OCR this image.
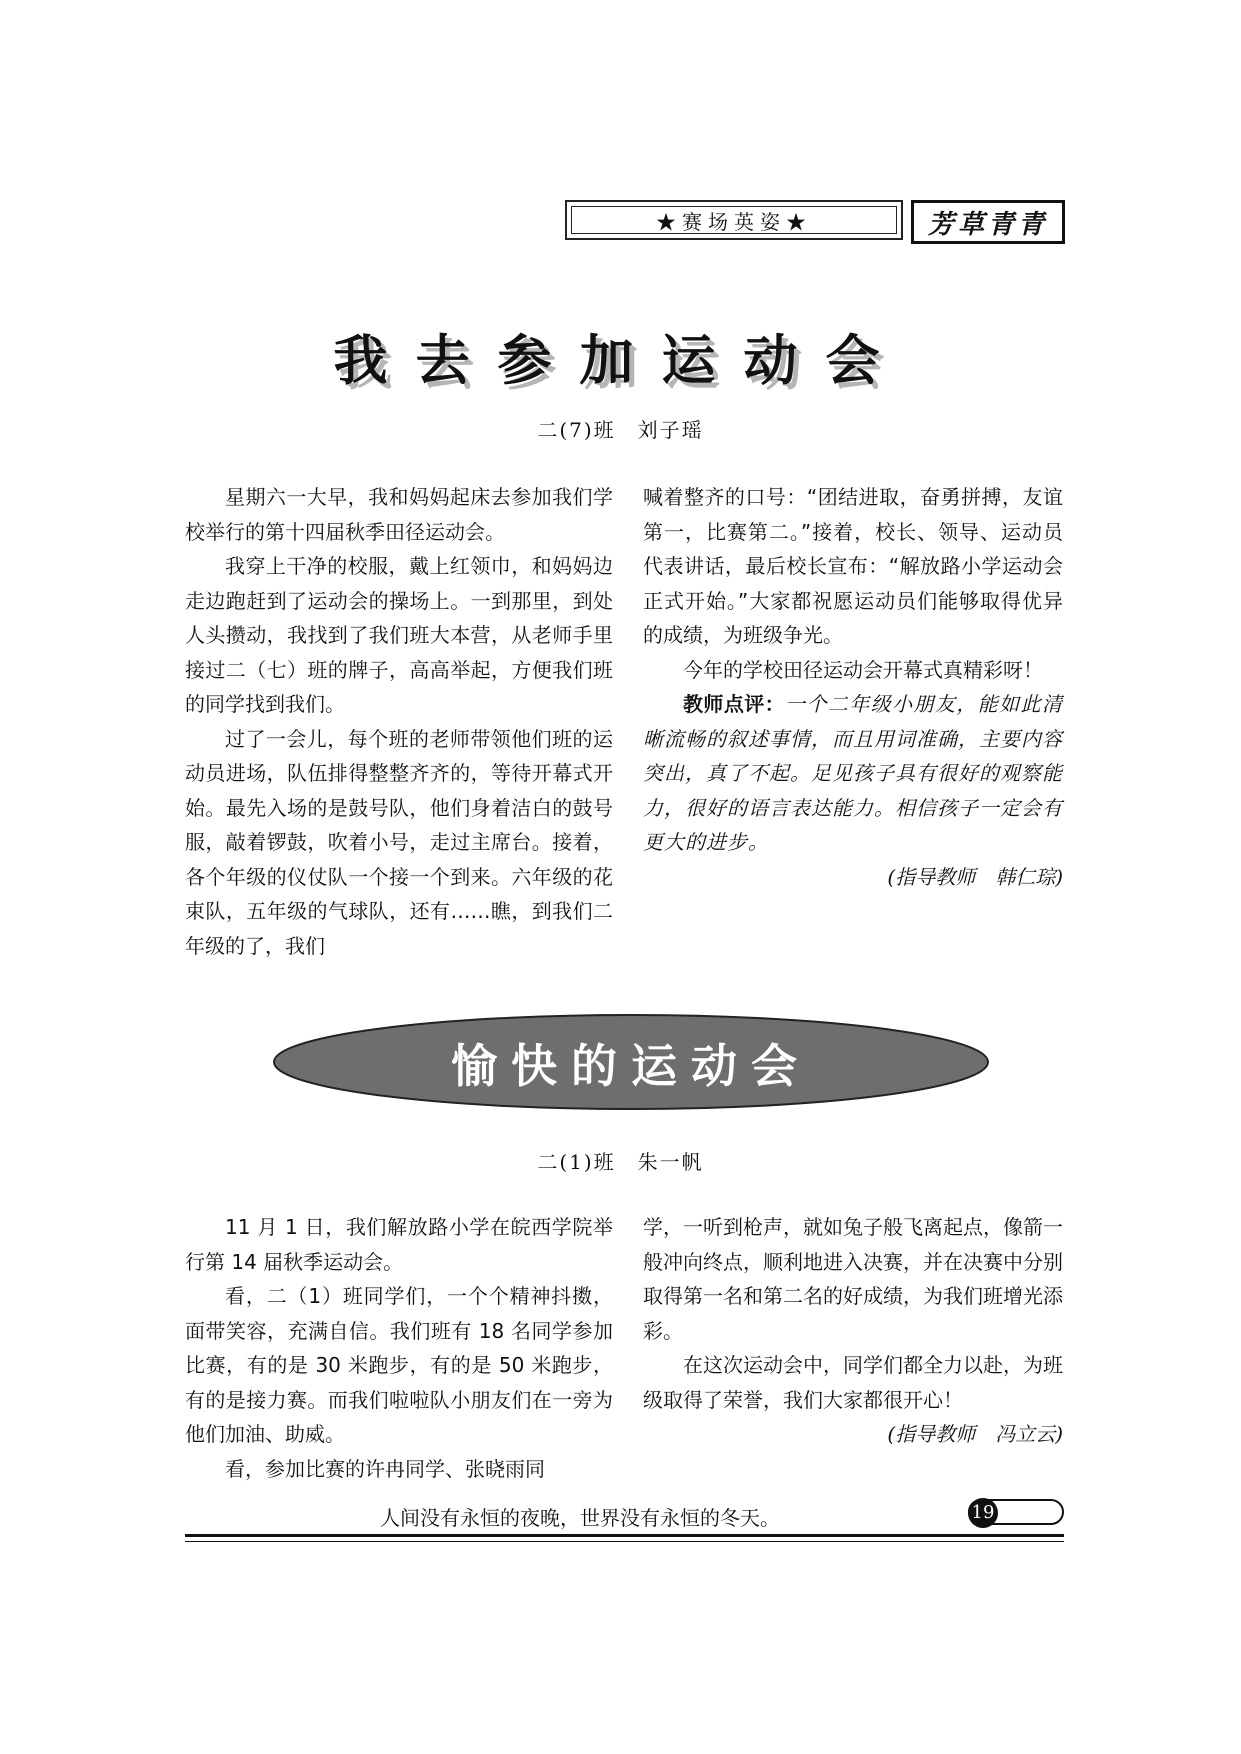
★赛场英姿★	芳草青青
我去参加运动会
二(7)班　刘子瑶

星期六一大早，我和妈妈起床去参加我们学校举行的第十四届秋季田径运动会。

我穿上干净的校服，戴上红领巾，和妈妈边走边跑赶到了运动会的操场上。一到那里，到处人头攒动，我找到了我们班大本营，从老师手里接过二（七）班的牌子，高高举起，方便我们班的同学找到我们。

过了一会儿，每个班的老师带领他们班的运动员进场，队伍排得整整齐齐的，等待开幕式开始。最先入场的是鼓号队，他们身着洁白的鼓号服，敲着锣鼓，吹着小号，走过主席台。接着，各个年级的仪仗队一个接一个到来。六年级的花束队，五年级的气球队，还有……瞧，到我们二年级的了，我们

喊着整齐的口号：“团结进取，奋勇拼搏，友谊第一，比赛第二。”接着，校长、领导、运动员代表讲话，最后校长宣布：“解放路小学运动会正式开始。”大家都祝愿运动员们能够取得优异的成绩，为班级争光。

今年的学校田径运动会开幕式真精彩呀！

教师点评：一个二年级小朋友，能如此清晰流畅的叙述事情，而且用词准确，主要内容突出，真了不起。足见孩子具有很好的观察能力，很好的语言表达能力。相信孩子一定会有更大的进步。

(指导教师　韩仁琮)

愉快的运动会
二(1)班　朱一帆

11 月 1 日，我们解放路小学在皖西学院举行第 14 届秋季运动会。

看，二（1）班同学们，一个个精神抖擞，面带笑容，充满自信。我们班有 18 名同学参加比赛，有的是 30 米跑步，有的是 50 米跑步，有的是接力赛。而我们啦啦队小朋友们在一旁为他们加油、助威。

看，参加比赛的许冉同学、张晓雨同

学，一听到枪声，就如兔子般飞离起点，像箭一般冲向终点，顺利地进入决赛，并在决赛中分别取得第一名和第二名的好成绩，为我们班增光添彩。

在这次运动会中，同学们都全力以赴，为班级取得了荣誉，我们大家都很开心！

(指导教师　冯立云)

人间没有永恒的夜晚，世界没有永恒的冬天。	19
